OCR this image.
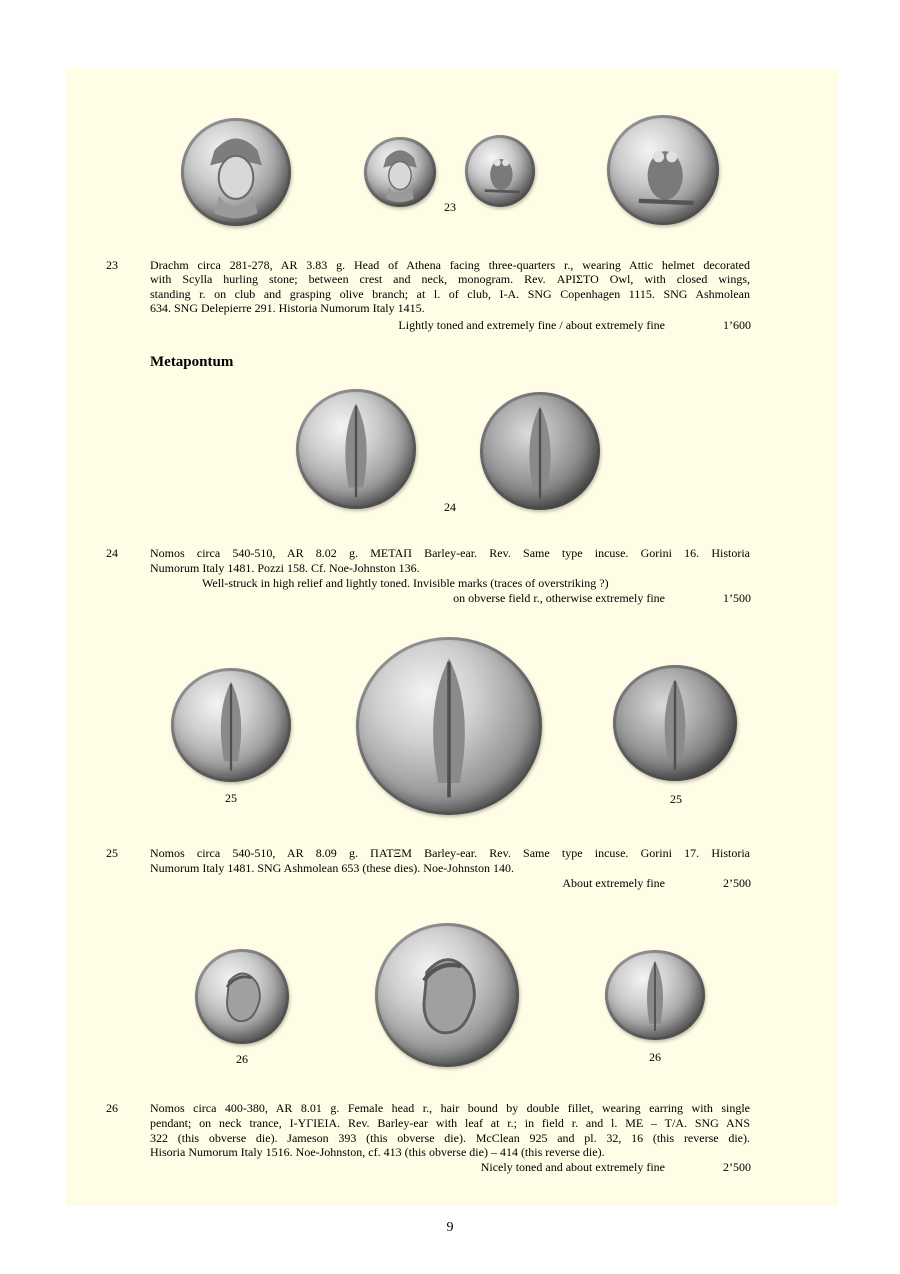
23
23	Drachm circa 281-278, AR 3.83 g. Head of Athena facing three-quarters r., wearing Attic helmet decorated
with Scylla hurling stone; between crest and neck, monogram. Rev. ΑΡΙΣΤΟ Owl, with closed wings,
standing r. on club and grasping olive branch; at l. of club, Ι-Α. SNG Copenhagen 1115. SNG Ashmolean
634. SNG Delepierre 291. Historia Numorum Italy 1415.
Lightly toned and extremely fine / about extremely fine	1’600
Metapontum
24
24	Nomos circa 540-510, AR 8.02 g. ΜΕΤΑΠ Barley-ear. Rev. Same type incuse. Gorini 16. Historia
Numorum Italy 1481. Pozzi 158. Cf. Noe-Johnston 136.
Well-struck in high relief and lightly toned. Invisible marks (traces of overstriking ?)
on obverse field r., otherwise extremely fine	1’500
25	25
25	Nomos circa 540-510, AR 8.09 g. ΠΑΤΞΜ Barley-ear. Rev. Same type incuse. Gorini 17. Historia
Numorum Italy 1481. SNG Ashmolean 653 (these dies). Noe-Johnston 140.
About extremely fine	2’500
26	26
26	Nomos circa 400-380, AR 8.01 g. Female head r., hair bound by double fillet, wearing earring with single
pendant; on neck trance, Ι-ΥΓΙΕΙΑ. Rev. Barley-ear with leaf at r.; in field r. and l. ΜΕ – Τ/Α. SNG ANS
322 (this obverse die). Jameson 393 (this obverse die). McClean 925 and pl. 32, 16 (this reverse die).
Hisoria Numorum Italy 1516. Noe-Johnston, cf. 413 (this obverse die) – 414 (this reverse die).
Nicely toned and about extremely fine	2’500
9
